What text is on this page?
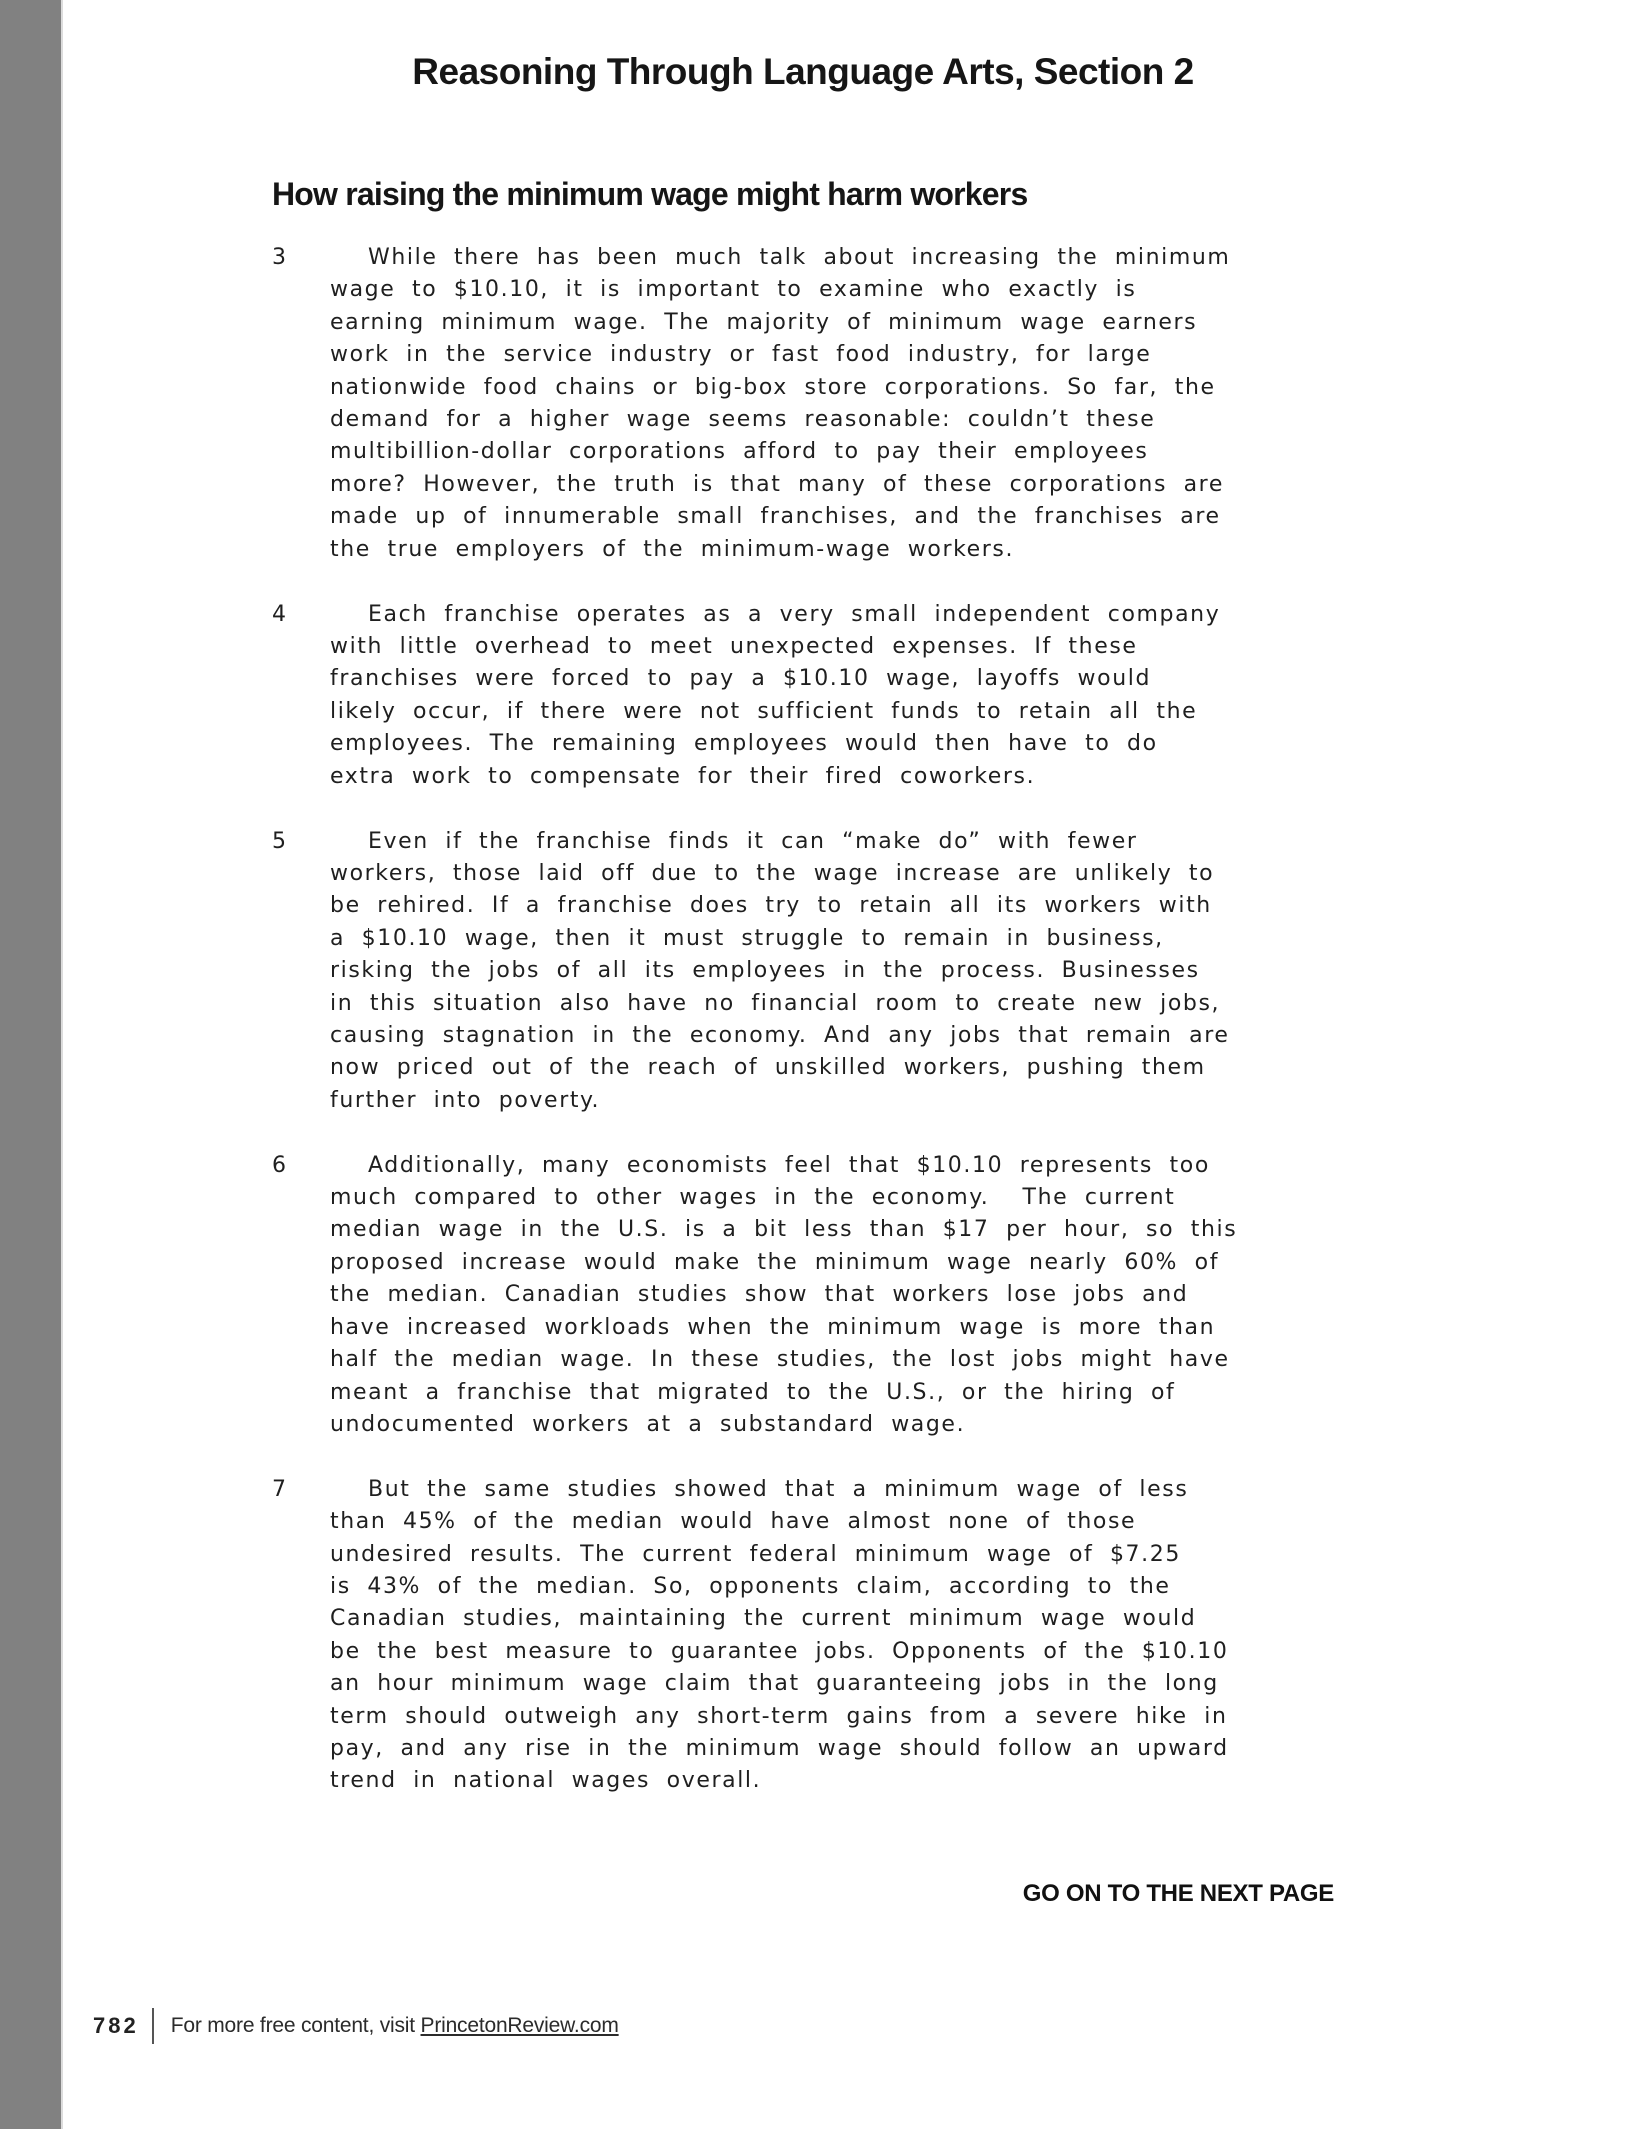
Reasoning Through Language Arts, Section 2
How raising the minimum wage might harm workers
3	While there has been much talk about increasing the minimum
wage to $10.10, it is important to examine who exactly is
earning minimum wage. The majority of minimum wage earners
work in the service industry or fast food industry, for large
nationwide food chains or big-box store corporations. So far, the
demand for a higher wage seems reasonable: couldn’t these
multibillion-dollar corporations afford to pay their employees
more? However, the truth is that many of these corporations are
made up of innumerable small franchises, and the franchises are
the true employers of the minimum-wage workers.
4	Each franchise operates as a very small independent company
with little overhead to meet unexpected expenses. If these
franchises were forced to pay a $10.10 wage, layoffs would
likely occur, if there were not sufficient funds to retain all the
employees. The remaining employees would then have to do
extra work to compensate for their fired coworkers.
5	Even if the franchise finds it can “make do” with fewer
workers, those laid off due to the wage increase are unlikely to
be rehired. If a franchise does try to retain all its workers with
a $10.10 wage, then it must struggle to remain in business,
risking the jobs of all its employees in the process. Businesses
in this situation also have no financial room to create new jobs,
causing stagnation in the economy. And any jobs that remain are
now priced out of the reach of unskilled workers, pushing them
further into poverty.
6	Additionally, many economists feel that $10.10 represents too
much compared to other wages in the economy.  The current
median wage in the U.S. is a bit less than $17 per hour, so this
proposed increase would make the minimum wage nearly 60% of
the median. Canadian studies show that workers lose jobs and
have increased workloads when the minimum wage is more than
half the median wage. In these studies, the lost jobs might have
meant a franchise that migrated to the U.S., or the hiring of
undocumented workers at a substandard wage.
7	But the same studies showed that a minimum wage of less
than 45% of the median would have almost none of those
undesired results. The current federal minimum wage of $7.25
is 43% of the median. So, opponents claim, according to the
Canadian studies, maintaining the current minimum wage would
be the best measure to guarantee jobs. Opponents of the $10.10
an hour minimum wage claim that guaranteeing jobs in the long
term should outweigh any short-term gains from a severe hike in
pay, and any rise in the minimum wage should follow an upward
trend in national wages overall.
GO ON TO THE NEXT PAGE
782 For more free content, visit PrincetonReview.com
